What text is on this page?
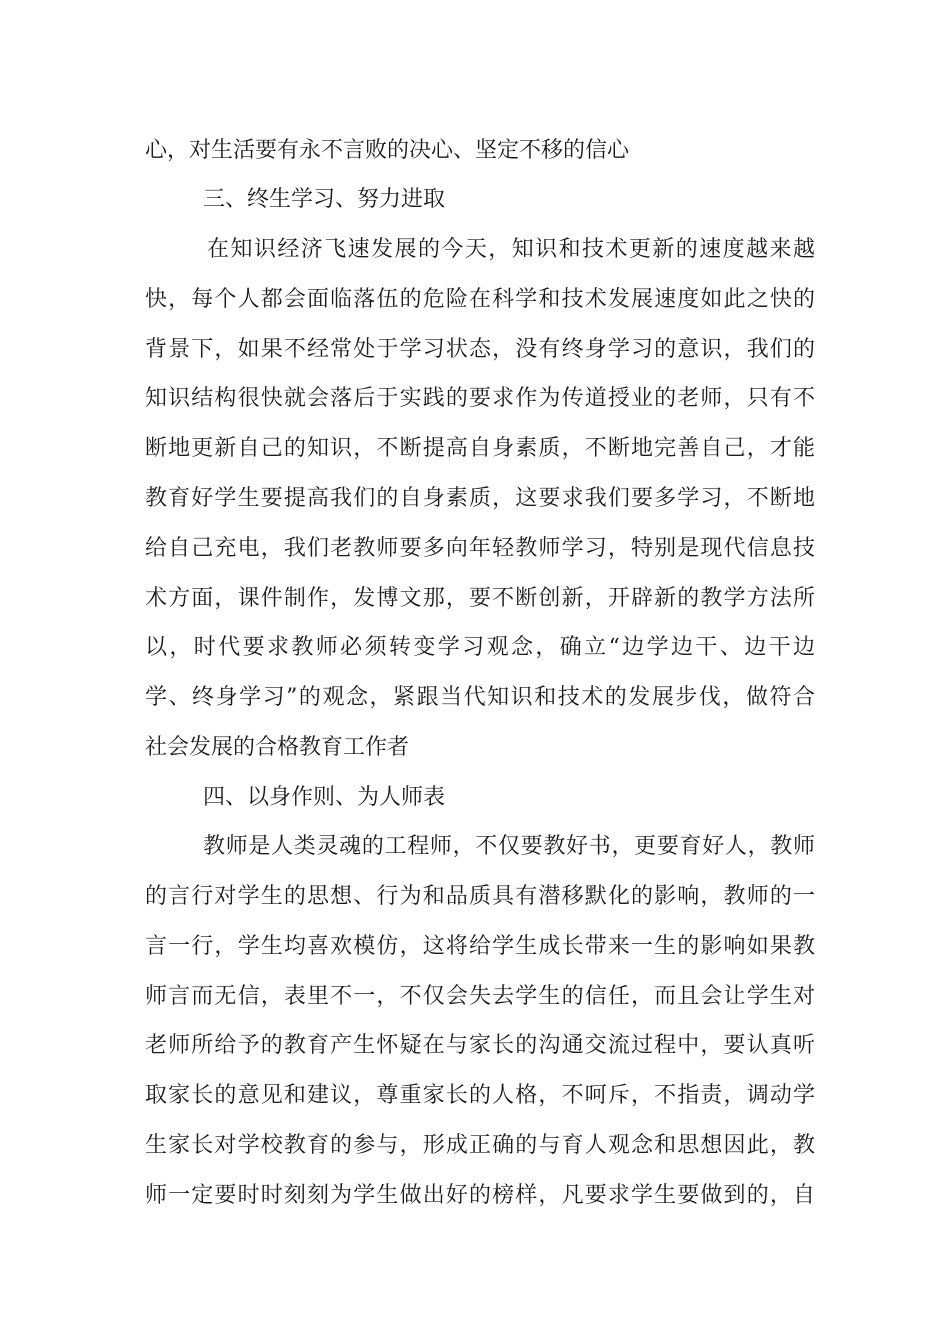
心，对生活要有永不言败的决心、坚定不移的信心
三、终生学习、努力进取
在知识经济飞速发展的今天，知识和技术更新的速度越来越
快，每个人都会面临落伍的危险在科学和技术发展速度如此之快的
背景下，如果不经常处于学习状态，没有终身学习的意识，我们的
知识结构很快就会落后于实践的要求作为传道授业的老师，只有不
断地更新自己的知识，不断提高自身素质，不断地完善自己，才能
教育好学生要提高我们的自身素质，这要求我们要多学习，不断地
给自己充电，我们老教师要多向年轻教师学习，特别是现代信息技
术方面，课件制作，发博文那，要不断创新，开辟新的教学方法所
以，时代要求教师必须转变学习观念，确立“边学边干、边干边
学、终身学习”的观念，紧跟当代知识和技术的发展步伐，做符合
社会发展的合格教育工作者
四、以身作则、为人师表
教师是人类灵魂的工程师，不仅要教好书，更要育好人，教师
的言行对学生的思想、行为和品质具有潜移默化的影响，教师的一
言一行，学生均喜欢模仿，这将给学生成长带来一生的影响如果教
师言而无信，表里不一，不仅会失去学生的信任，而且会让学生对
老师所给予的教育产生怀疑在与家长的沟通交流过程中，要认真听
取家长的意见和建议，尊重家长的人格，不呵斥，不指责，调动学
生家长对学校教育的参与，形成正确的与育人观念和思想因此，教
师一定要时时刻刻为学生做出好的榜样，凡要求学生要做到的，自
